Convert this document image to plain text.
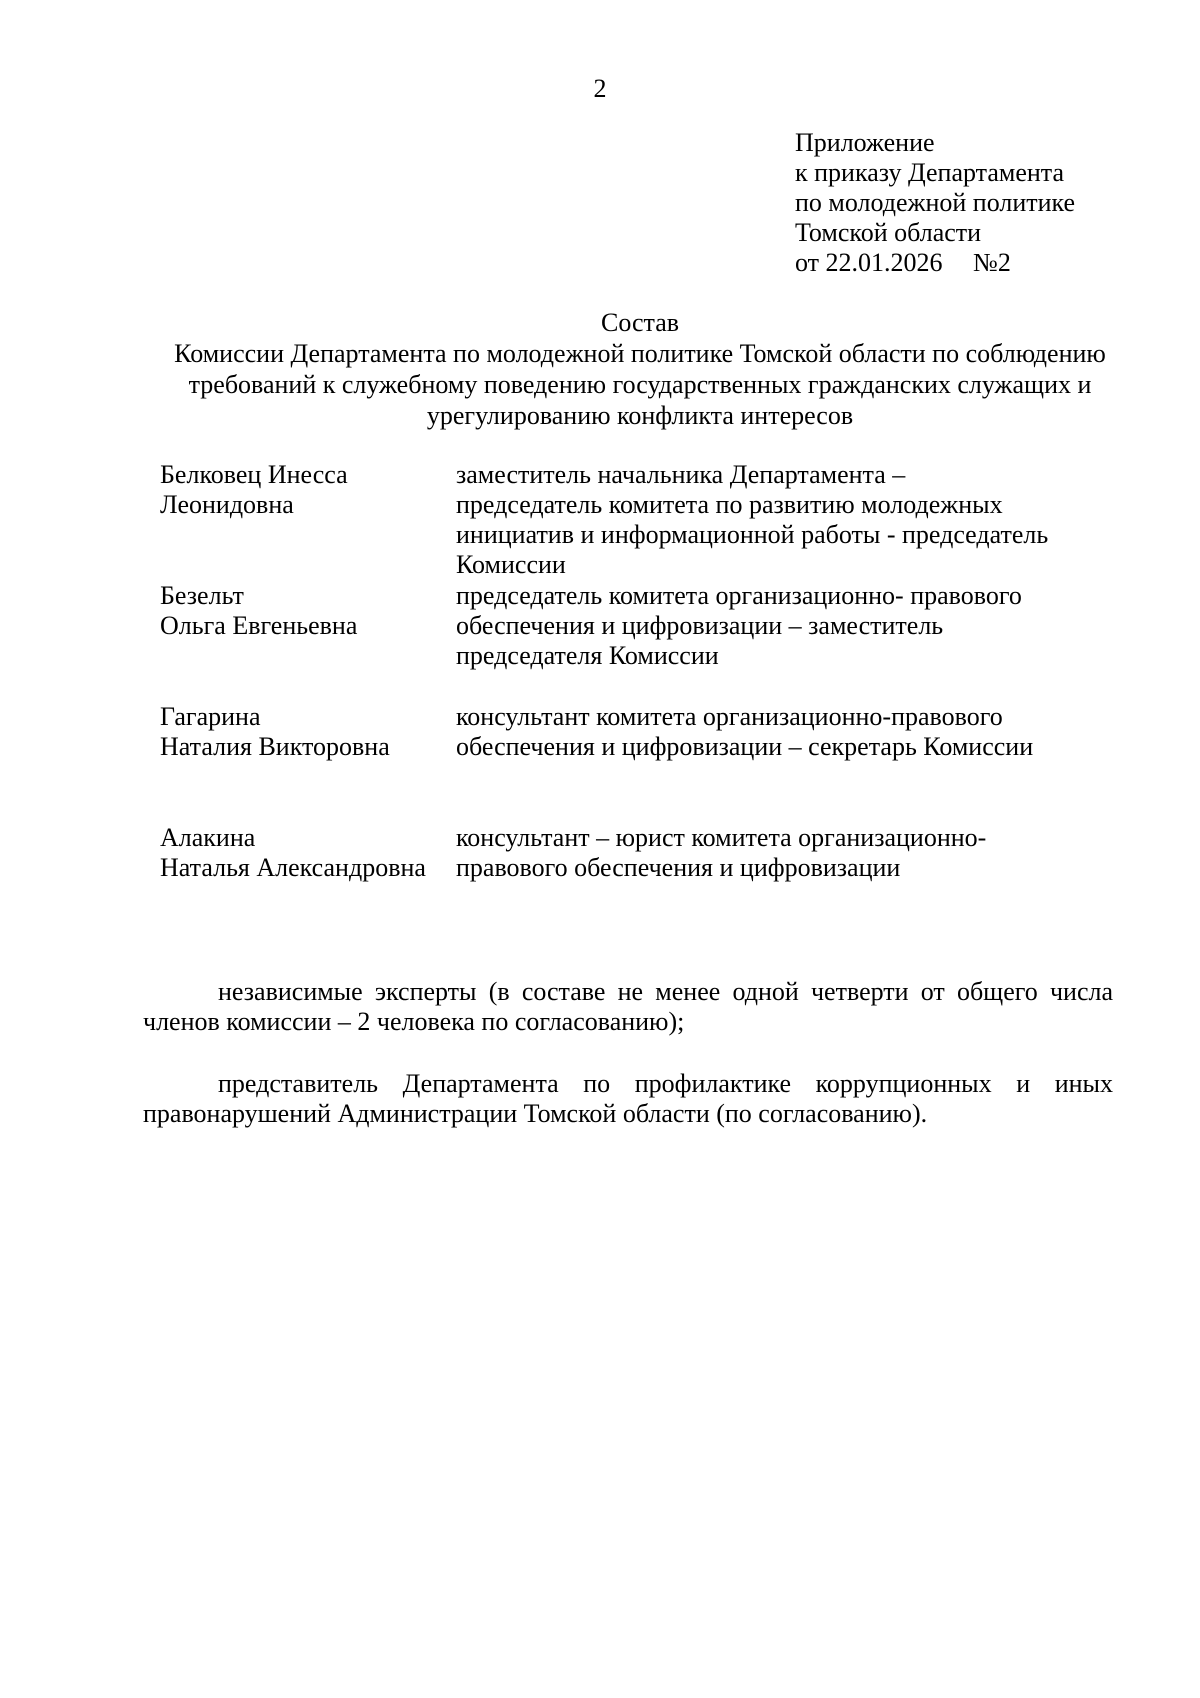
2
Приложение
к приказу Департамента
по молодежной политике
Томской области
от 22.01.2026 №2
Состав
Комиссии Департамента по молодежной политике Томской области по соблюдению требований к служебному поведению государственных гражданских служащих и урегулированию конфликта интересов
Белковец Инесса
Леонидовна
заместитель начальника Департамента – председатель комитета по развитию молодежных инициатив и информационной работы - председатель Комиссии
Безельт
Ольга Евгеньевна
председатель комитета организационно- правового обеспечения и цифровизации – заместитель председателя Комиссии
Гагарина
Наталия Викторовна
консультант комитета организационно-правового обеспечения и цифровизации – секретарь Комиссии
Алакина
Наталья Александровна
консультант – юрист комитета организационно-правового обеспечения и цифровизации
независимые эксперты (в составе не менее одной четверти от общего числа членов комиссии – 2 человека по согласованию);
представитель Департамента по профилактике коррупционных и иных правонарушений Администрации Томской области (по согласованию).
